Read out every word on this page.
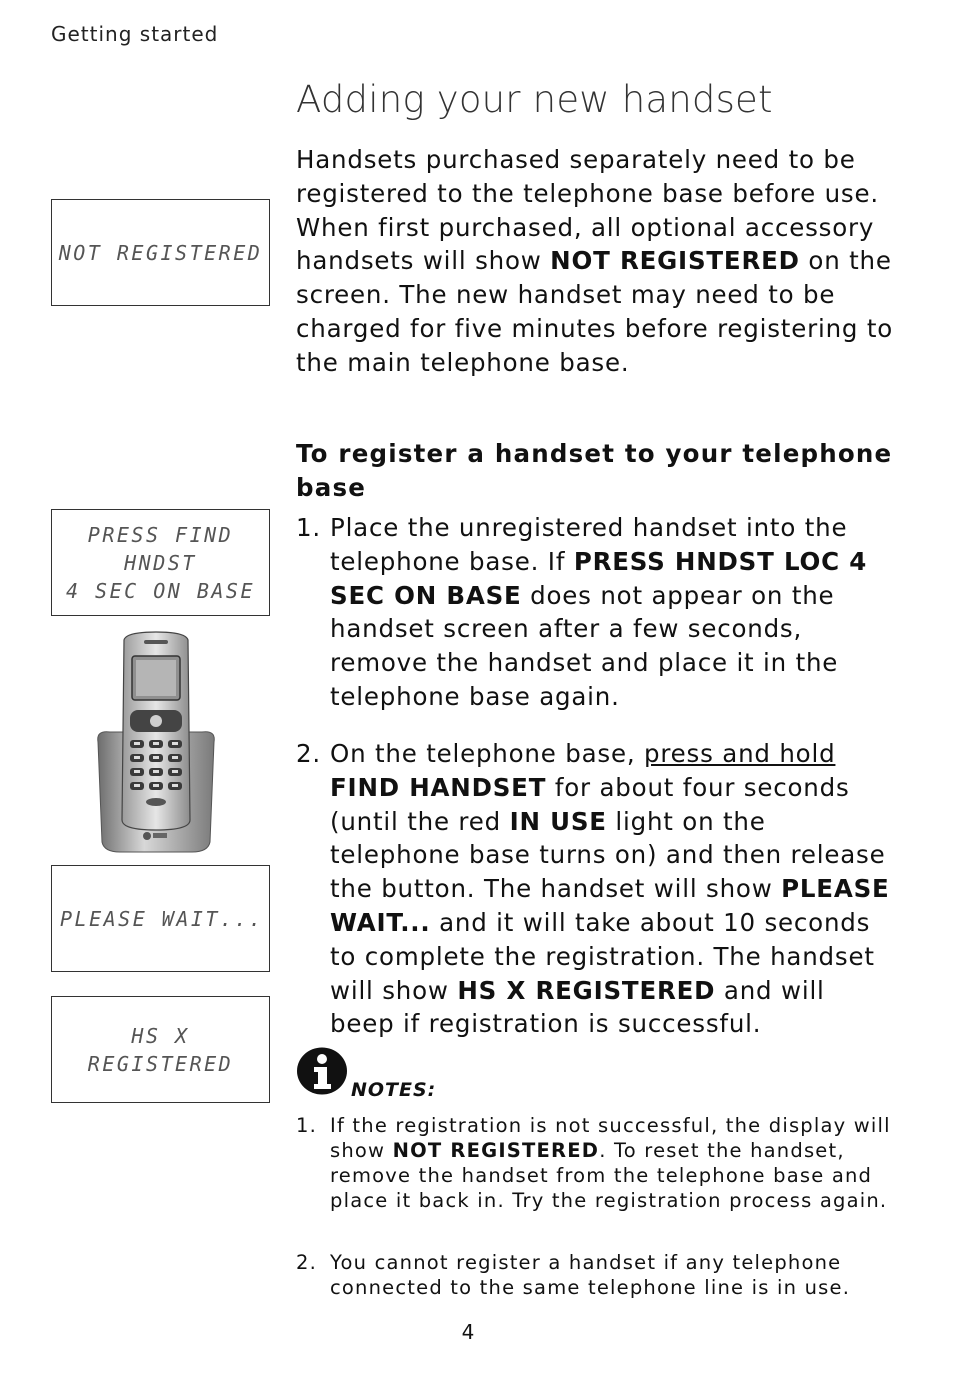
Getting started
Adding your new handset
Handsets purchased separately need to be registered to the telephone base before use. When first purchased, all optional accessory handsets will show NOT REGISTERED on the screen. The new handset may need to be charged for five minutes before registering to the main telephone base.
To register a handset to your telephone base
1. Place the unregistered handset into the telephone base. If PRESS HNDST LOC 4 SEC ON BASE does not appear on the handset screen after a few seconds, remove the handset and place it in the telephone base again.
2. On the telephone base, press and hold FIND HANDSET for about four seconds (until the red IN USE light on the telephone base turns on) and then release the button. The handset will show PLEASE WAIT... and it will take about 10 seconds to complete the registration. The handset will show HS X REGISTERED and will beep if registration is successful.
NOT REGISTERED
PRESS FIND HNDST
4 SEC ON BASE
PLEASE WAIT...
HS X
REGISTERED
NOTES:
1. If the registration is not successful, the display will show NOT REGISTERED. To reset the handset, remove the handset from the telephone base and place it back in. Try the registration process again.
2. You cannot register a handset if any telephone connected to the same telephone line is in use.
4
